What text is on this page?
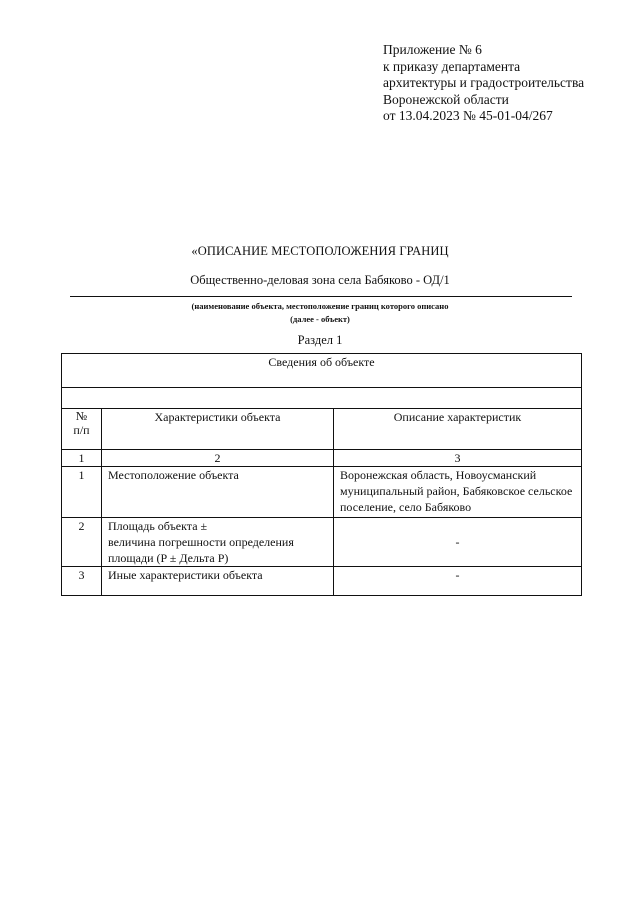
Приложение № 6
к приказу департамента
архитектуры и градостроительства
Воронежской области
от 13.04.2023 № 45-01-04/267
«ОПИСАНИЕ МЕСТОПОЛОЖЕНИЯ ГРАНИЦ
Общественно-деловая зона села Бабяково - ОД/1
(наименование объекта, местоположение границ которого описано
(далее - объект)
Раздел 1
Сведения об объекте		

№
п/п	Характеристики объекта	Описание характеристик
1	2	3
1	Местоположение объекта	Воронежская область, Новоусманский муниципальный район, Бабяковское сельское поселение, село Бабяково
2	Площадь объекта ±
величина погрешности определения
площади (P ± Дельта P)	-
3	Иные характеристики объекта	-
